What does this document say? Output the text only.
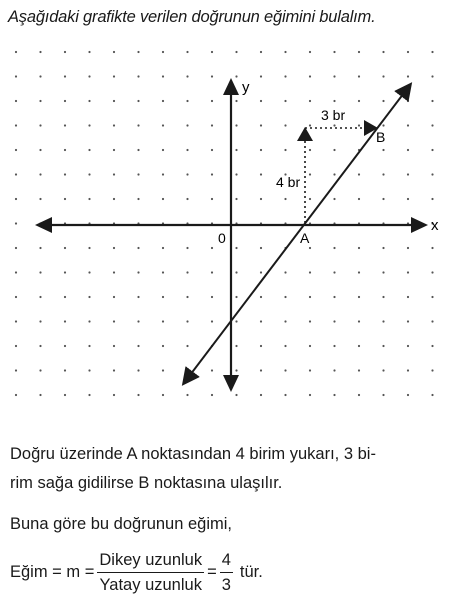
Aşağıdaki grafikte verilen doğrunun eğimini bulalım.
x
y
0
4 br
3 br
A
B
Doğru üzerinde A noktasından 4 birim yukarı, 3 bi-
rim sağa gidilirse B noktasına ulaşılır.
Buna göre bu doğrunun eğimi,
Eğim = $m = \frac{\text{Dikey uzunluk}}{\text{Yatay uzunluk}} = \frac{4}{3}$ tür.
